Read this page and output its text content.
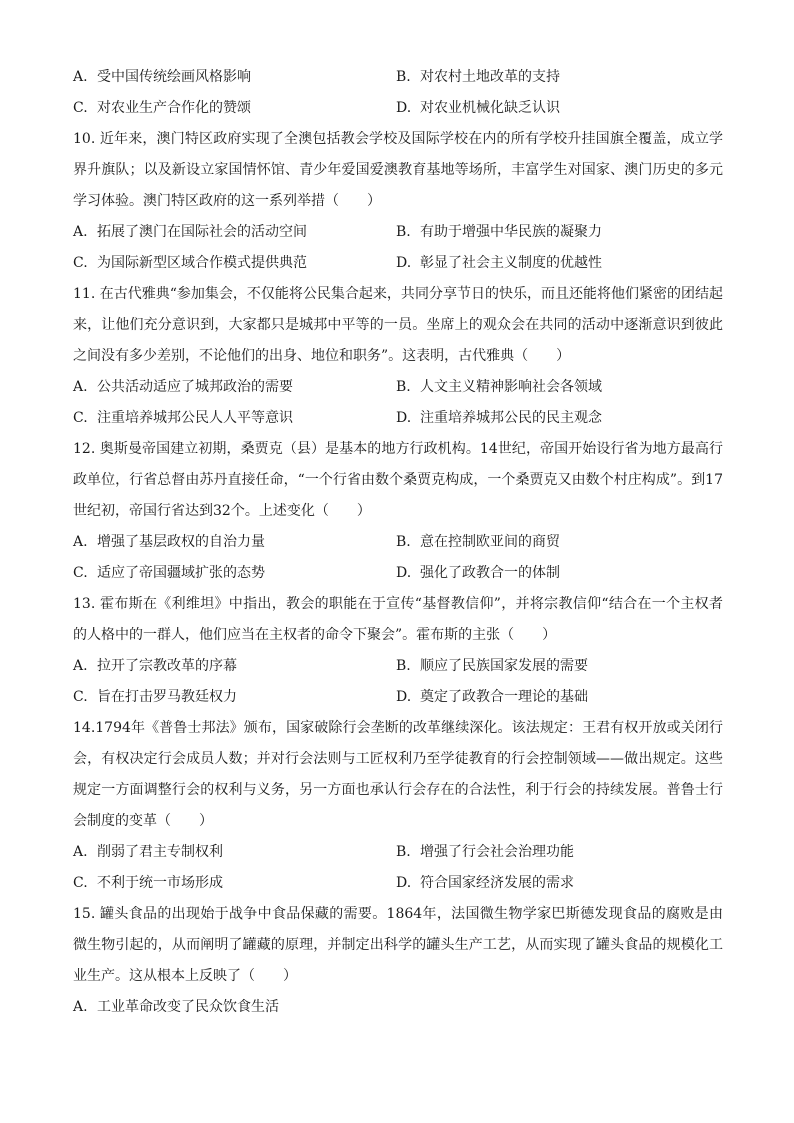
A. 受中国传统绘画风格影响	B. 对农村土地改革的支持
C. 对农业生产合作化的赞颂	D. 对农业机械化缺乏认识

10. 近年来，澳门特区政府实现了全澳包括教会学校及国际学校在内的所有学校升挂国旗全覆盖，成立学界升旗队；以及新设立家国情怀馆、青少年爱国爱澳教育基地等场所，丰富学生对国家、澳门历史的多元学习体验。澳门特区政府的这一系列举措（　　）

A. 拓展了澳门在国际社会的活动空间	B. 有助于增强中华民族的凝聚力
C. 为国际新型区域合作模式提供典范	D. 彰显了社会主义制度的优越性

11. 在古代雅典“参加集会，不仅能将公民集合起来，共同分享节日的快乐，而且还能将他们紧密的团结起来，让他们充分意识到，大家都只是城邦中平等的一员。坐席上的观众会在共同的活动中逐渐意识到彼此之间没有多少差别，不论他们的出身、地位和职务”。这表明，古代雅典（　　）

A. 公共活动适应了城邦政治的需要	B. 人文主义精神影响社会各领域
C. 注重培养城邦公民人人平等意识	D. 注重培养城邦公民的民主观念

12. 奥斯曼帝国建立初期，桑贾克（县）是基本的地方行政机构。14世纪，帝国开始设行省为地方最高行政单位，行省总督由苏丹直接任命，“一个行省由数个桑贾克构成，一个桑贾克又由数个村庄构成”。到17世纪初，帝国行省达到32个。上述变化（　　）

A. 增强了基层政权的自治力量	B. 意在控制欧亚间的商贸
C. 适应了帝国疆域扩张的态势	D. 强化了政教合一的体制

13. 霍布斯在《利维坦》中指出，教会的职能在于宣传“基督教信仰”，并将宗教信仰“结合在一个主权者的人格中的一群人，他们应当在主权者的命令下聚会”。霍布斯的主张（　　）

A. 拉开了宗教改革的序幕	B. 顺应了民族国家发展的需要
C. 旨在打击罗马教廷权力	D. 奠定了政教合一理论的基础

14.1794年《普鲁士邦法》颁布，国家破除行会垄断的改革继续深化。该法规定：王君有权开放或关闭行会，有权决定行会成员人数；并对行会法则与工匠权利乃至学徒教育的行会控制领域——做出规定。这些规定一方面调整行会的权利与义务，另一方面也承认行会存在的合法性，利于行会的持续发展。普鲁士行会制度的变革（　　）

A. 削弱了君主专制权利	B. 增强了行会社会治理功能
C. 不利于统一市场形成	D. 符合国家经济发展的需求

15. 罐头食品的出现始于战争中食品保藏的需要。1864年，法国微生物学家巴斯德发现食品的腐败是由微生物引起的，从而阐明了罐藏的原理，并制定出科学的罐头生产工艺，从而实现了罐头食品的规模化工业生产。这从根本上反映了（　　）

A. 工业革命改变了民众饮食生活
